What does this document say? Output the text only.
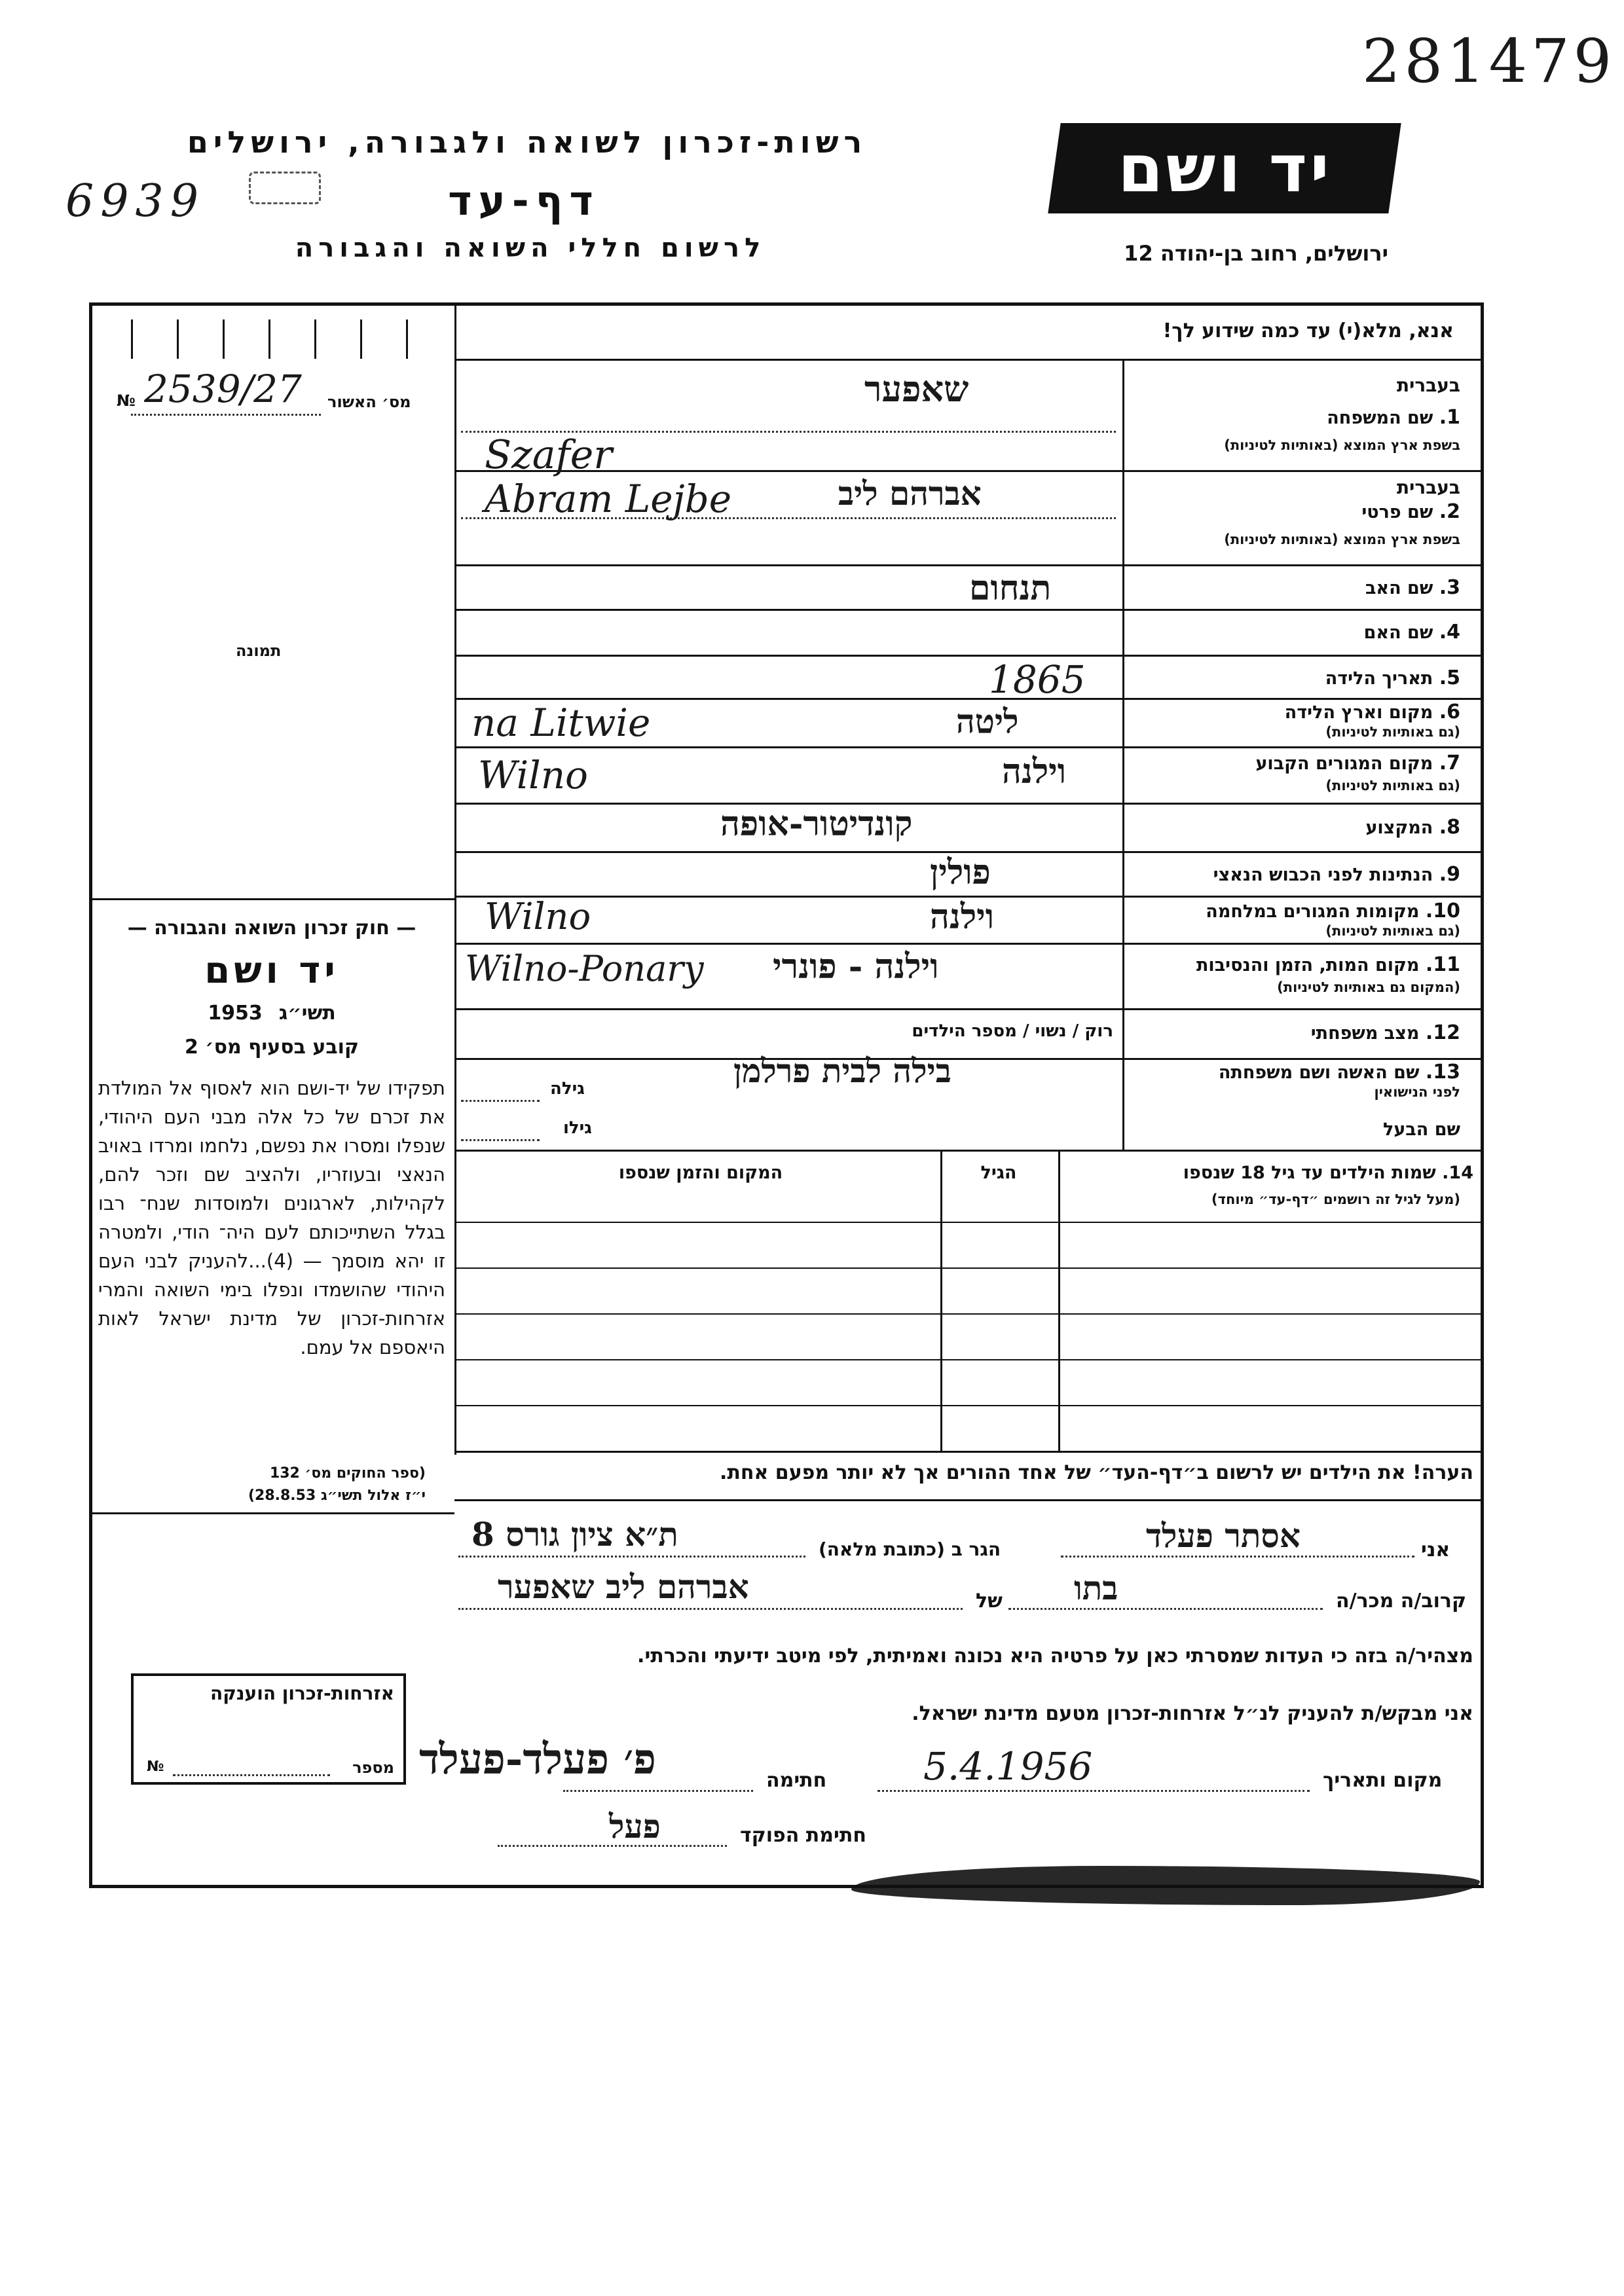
281479
רשות-זכרון לשואה ולגבורה, ירושלים
6939	דף-עד
לרשום חללי השואה והגבורה
יד ושם
ירושלים, רחוב בן-יהודה 12
אנא, מלא(י) עד כמה שידוע לך!
№ 2539/27 מס׳ האשור
תמונה
— חוק זכרון השואה והגבורה —
יד ושם
1953 תשי״ג
קובע בסעיף מס׳ 2
תפקידו של יד-ושם הוא לאסוף אל המולדת את זכרם של כל אלה מבני העם היהודי, שנפלו ומסרו את נפשם, נלחמו ומרדו באויב הנאצי ובעוזריו, ולהציב שם וזכר להם, לקהילות, לארגונים ולמוסדות שנח־ רבו בגלל השתייכותם לעם היה־ הודי, ולמטרה זו יהא מוסמך — (4)...להעניק לבני העם היהודי שהושמדו ונפלו בימי השואה והמרי אזרחות-זכרון של מדינת ישראל לאות היאספם אל עמם.
(ספר החוקים מס׳ 132
י״ז אלול תשי״ג 28.8.53)
1. שם המשפחה
בעברית
בשפת ארץ המוצא (באותיות לטיניות)
שאפער
Szafer
2. שם פרטי
בעברית
בשפת ארץ המוצא (באותיות לטיניות)
אברהם ליב
Abram Lejbe
3. שם האב
תנחום
4. שם האם
5. תאריך הלידה
1865
6. מקום וארץ הלידה
(גם באותיות לטיניות)
ליטה
na Litwie
7. מקום המגורים הקבוע
(גם באותיות לטיניות)
וילנה
Wilno
8. המקצוע
קונדיטור-אופה
9. הנתינות לפני הכבוש הנאצי
פולין
10. מקומות המגורים במלחמה
(גם באותיות לטיניות)
וילנה
Wilno
11. מקום המות, הזמן והנסיבות
(המקום גם באותיות לטיניות)
וילנה - פונרי
Wilno-Ponary
12. מצב משפחתי
רוק / נשוי / מספר הילדים
13. שם האשה ושם משפחתה
לפני הנישואין
בילה לבית פרלמן
גילה
שם הבעל
גילו
14. שמות הילדים עד גיל 18 שנספו
(מעל לגיל זה רושמים ״דף-עד״ מיוחד)
הגיל
המקום והזמן שנספו
הערה! את הילדים יש לרשום ב״דף-העד״ של אחד ההורים אך לא יותר מפעם אחת.
אני
אסתר פעלד
הגר ב (כתובת מלאה)
ת״א ציון גורס 8
קרוב/ה מכר/ה
בתו
של
אברהם ליב שאפער
מצהיר/ה בזה כי העדות שמסרתי כאן על פרטיה היא נכונה ואמיתית, לפי מיטב ידיעתי והכרתי.
אני מבקש/ת להעניק לנ״ל אזרחות-זכרון מטעם מדינת ישראל.
מקום ותאריך
5.4.1956
חתימה
פ׳ פעלד-פעלד
חתימת הפוקד
פעל
אזרחות-זכרון הוענקה
מספר
№
